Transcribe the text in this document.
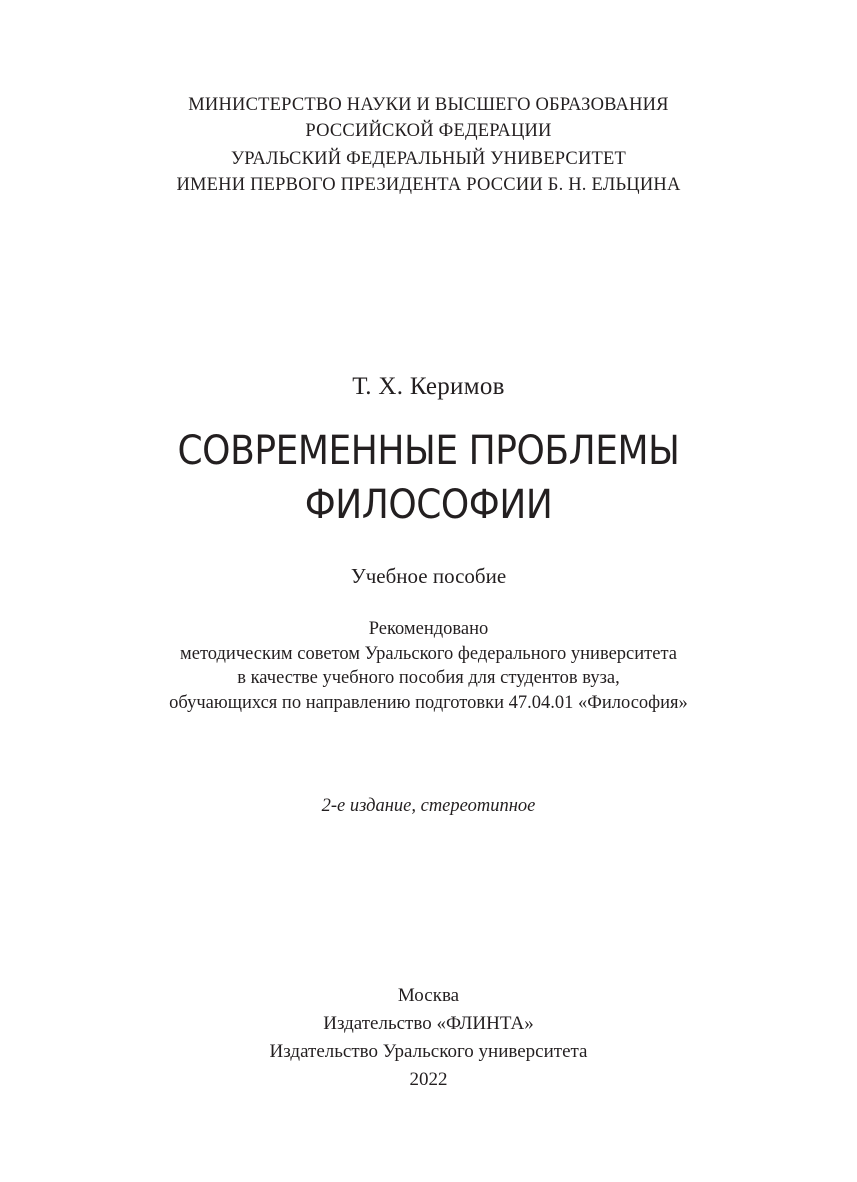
МИНИСТЕРСТВО НАУКИ И ВЫСШЕГО ОБРАЗОВАНИЯ
РОССИЙСКОЙ ФЕДЕРАЦИИ
УРАЛЬСКИЙ ФЕДЕРАЛЬНЫЙ УНИВЕРСИТЕТ
ИМЕНИ ПЕРВОГО ПРЕЗИДЕНТА РОССИИ Б. Н. ЕЛЬЦИНА
Т. Х. Керимов
СОВРЕМЕННЫЕ ПРОБЛЕМЫ
ФИЛОСОФИИ
Учебное пособие
Рекомендовано
методическим советом Уральского федерального университета
в качестве учебного пособия для студентов вуза,
обучающихся по направлению подготовки 47.04.01 «Философия»
2-е издание, стереотипное
Москва
Издательство «ФЛИНТА»
Издательство Уральского университета
2022
